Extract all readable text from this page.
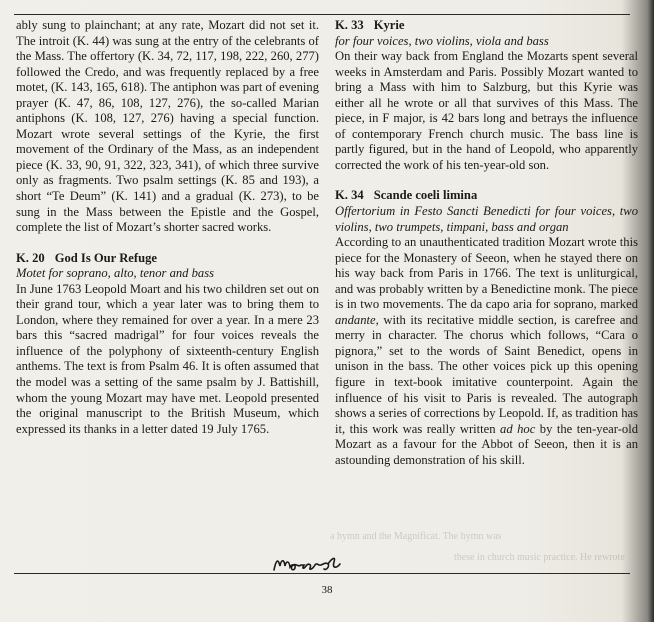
ably sung to plainchant; at any rate, Mozart did not set it. The introit (K. 44) was sung at the entry of the celebrants of the Mass. The offertory (K. 34, 72, 117, 198, 222, 260, 277) followed the Credo, and was frequently replaced by a free motet, (K. 143, 165, 618). The antiphon was part of evening prayer (K. 47, 86, 108, 127, 276), the so-called Marian antiphons (K. 108, 127, 276) having a special function. Mozart wrote several settings of the Kyrie, the first movement of the Ordinary of the Mass, as an independent piece (K. 33, 90, 91, 322, 323, 341), of which three survive only as fragments. Two psalm settings (K. 85 and 193), a short “Te Deum” (K. 141) and a gradual (K. 273), to be sung in the Mass between the Epistle and the Gospel, complete the list of Mozart’s shorter sacred works.

K. 20 God Is Our Refuge

Motet for soprano, alto, tenor and bass

In June 1763 Leopold Moart and his two children set out on their grand tour, which a year later was to bring them to London, where they remained for over a year. In a mere 23 bars this “sacred madrigal” for four voices reveals the influence of the polyphony of sixteenth-century English anthems. The text is from Psalm 46. It is often assumed that the model was a setting of the same psalm by J. Battishill, whom the young Mozart may have met. Leopold presented the original manuscript to the British Museum, which expressed its thanks in a letter dated 19 July 1765.

K. 33 Kyrie

for four voices, two violins, viola and bass

On their way back from England the Mozarts spent several weeks in Amsterdam and Paris. Possibly Mozart wanted to bring a Mass with him to Salzburg, but this Kyrie was either all he wrote or all that survives of this Mass. The piece, in F major, is 42 bars long and betrays the influence of contemporary French church music. The bass line is partly figured, but in the hand of Leopold, who apparently corrected the work of his ten-year-old son.

K. 34 Scande coeli limina

Offertorium in Festo Sancti Benedicti for four voices, two violins, two trumpets, timpani, bass and organ

According to an unauthenticated tradition Mozart wrote this piece for the Monastery of Seeon, when he stayed there on his way back from Paris in 1766. The text is unliturgical, and was probably written by a Benedictine monk. The piece is in two movements. The da capo aria for soprano, marked andante, with its recitative middle section, is carefree and merry in character. The chorus which follows, “Cara o pignora,” set to the words of Saint Benedict, opens in unison in the bass. The other voices pick up this opening figure in text-book imitative counterpoint. Again the influence of his visit to Paris is revealed. The autograph shows a series of corrections by Leopold. If, as tradition has it, this work was really written ad hoc by the ten-year-old Mozart as a favour for the Abbot of Seeon, then it is an astounding demonstration of his skill.

a hymn and the Magnificat. The hymn was
these in church music practice. He rewrote
38
